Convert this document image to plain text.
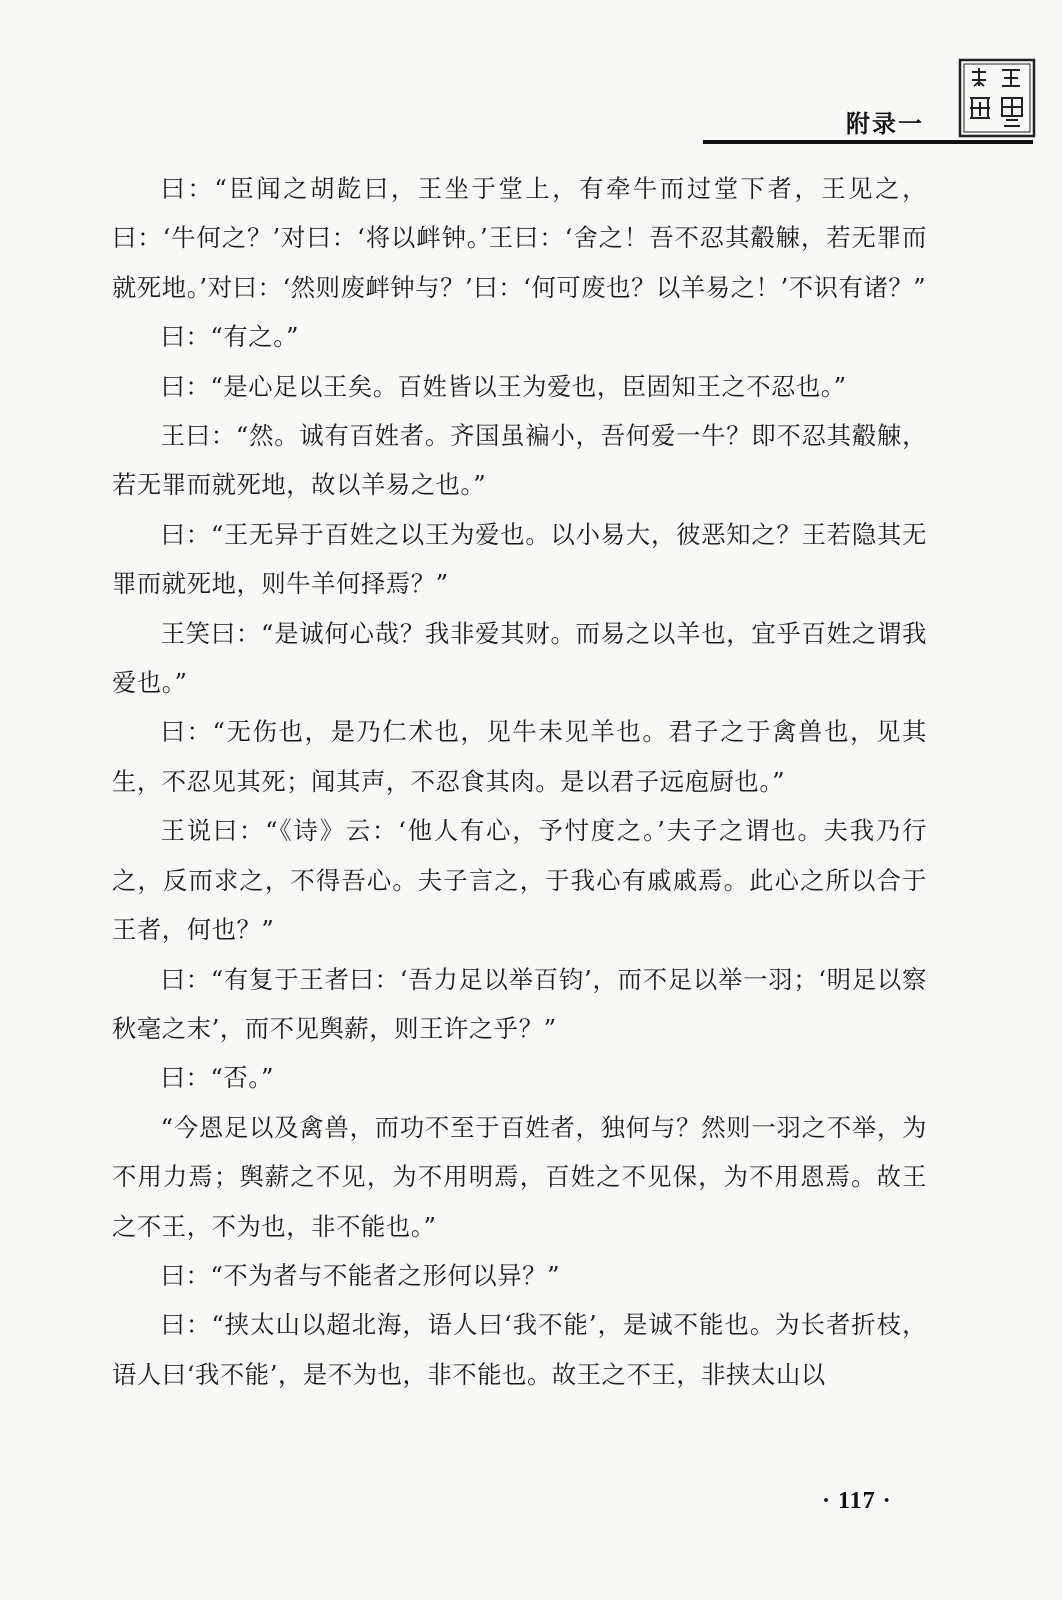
附录一

曰：“臣闻之胡龁曰，王坐于堂上，有牵牛而过堂下者，王见之，曰：‘牛何之？’对曰：‘将以衅钟。’王曰：‘舍之！吾不忍其觳觫，若无罪而就死地。’对曰：‘然则废衅钟与？’曰：‘何可废也？以羊易之！’不识有诸？”

曰：“有之。”

曰：“是心足以王矣。百姓皆以王为爱也，臣固知王之不忍也。”

王曰：“然。诚有百姓者。齐国虽褊小，吾何爱一牛？即不忍其觳觫，若无罪而就死地，故以羊易之也。”

曰：“王无异于百姓之以王为爱也。以小易大，彼恶知之？王若隐其无罪而就死地，则牛羊何择焉？”

王笑曰：“是诚何心哉？我非爱其财。而易之以羊也，宜乎百姓之谓我爱也。”

曰：“无伤也，是乃仁术也，见牛未见羊也。君子之于禽兽也，见其生，不忍见其死；闻其声，不忍食其肉。是以君子远庖厨也。”

王说曰：“《诗》云：‘他人有心，予忖度之。’夫子之谓也。夫我乃行之，反而求之，不得吾心。夫子言之，于我心有戚戚焉。此心之所以合于王者，何也？”

曰：“有复于王者曰：‘吾力足以举百钧’，而不足以举一羽；‘明足以察秋毫之末’，而不见舆薪，则王许之乎？”

曰：“否。”

“今恩足以及禽兽，而功不至于百姓者，独何与？然则一羽之不举，为不用力焉；舆薪之不见，为不用明焉，百姓之不见保，为不用恩焉。故王之不王，不为也，非不能也。”

曰：“不为者与不能者之形何以异？”

曰：“挟太山以超北海，语人曰‘我不能’，是诚不能也。为长者折枝，语人曰‘我不能’，是不为也，非不能也。故王之不王，非挟太山以

· 117 ·
